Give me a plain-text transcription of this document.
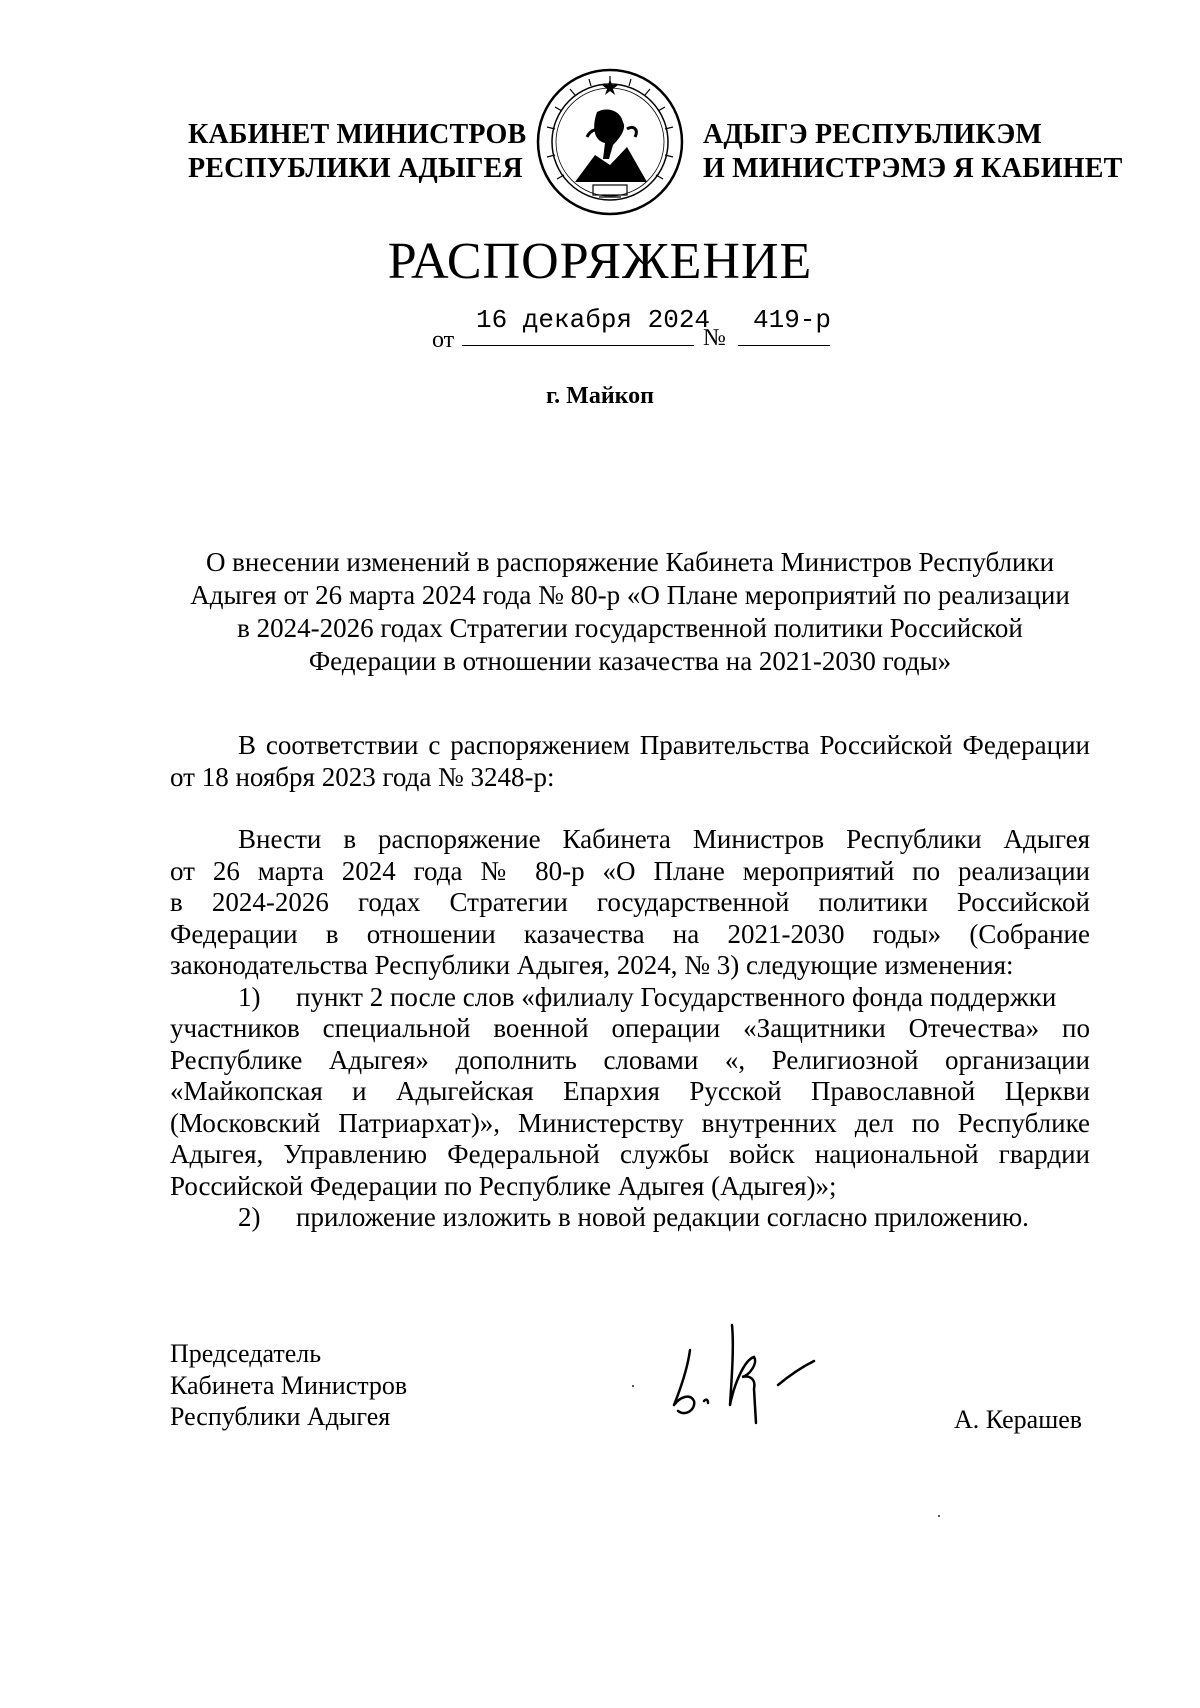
КАБИНЕТ МИНИСТРОВ
РЕСПУБЛИКИ АДЫГЕЯ
АДЫГЭ РЕСПУБЛИКЭМ
И МИНИСТРЭМЭ Я КАБИНЕТ
РАСПОРЯЖЕНИЕ
от
16 декабря 2024
№
419-р
г. Майкоп
О внесении изменений в распоряжение Кабинета Министров Республики
Адыгея от 26 марта 2024 года № 80-р «О Плане мероприятий по реализации
в 2024-2026 годах Стратегии государственной политики Российской
Федерации в отношении казачества на 2021-2030 годы»
В соответствии с распоряжением Правительства Российской Федерации
от 18 ноября 2023 года № 3248-р:
Внести в распоряжение Кабинета Министров Республики Адыгея
от 26 марта 2024 года № 80-р «О Плане мероприятий по реализации
в 2024-2026 годах Стратегии государственной политики Российской
Федерации в отношении казачества на 2021-2030 годы» (Собрание
законодательства Республики Адыгея, 2024, № 3) следующие изменения:
1) пункт 2 после слов «филиалу Государственного фонда поддержки
участников специальной военной операции «Защитники Отечества» по
Республике Адыгея» дополнить словами «, Религиозной организации
«Майкопская и Адыгейская Епархия Русской Православной Церкви
(Московский Патриархат)», Министерству внутренних дел по Республике
Адыгея, Управлению Федеральной службы войск национальной гвардии
Российской Федерации по Республике Адыгея (Адыгея)»;
2) приложение изложить в новой редакции согласно приложению.
Председатель
Кабинета Министров
Республики Адыгея	А. Керашев
